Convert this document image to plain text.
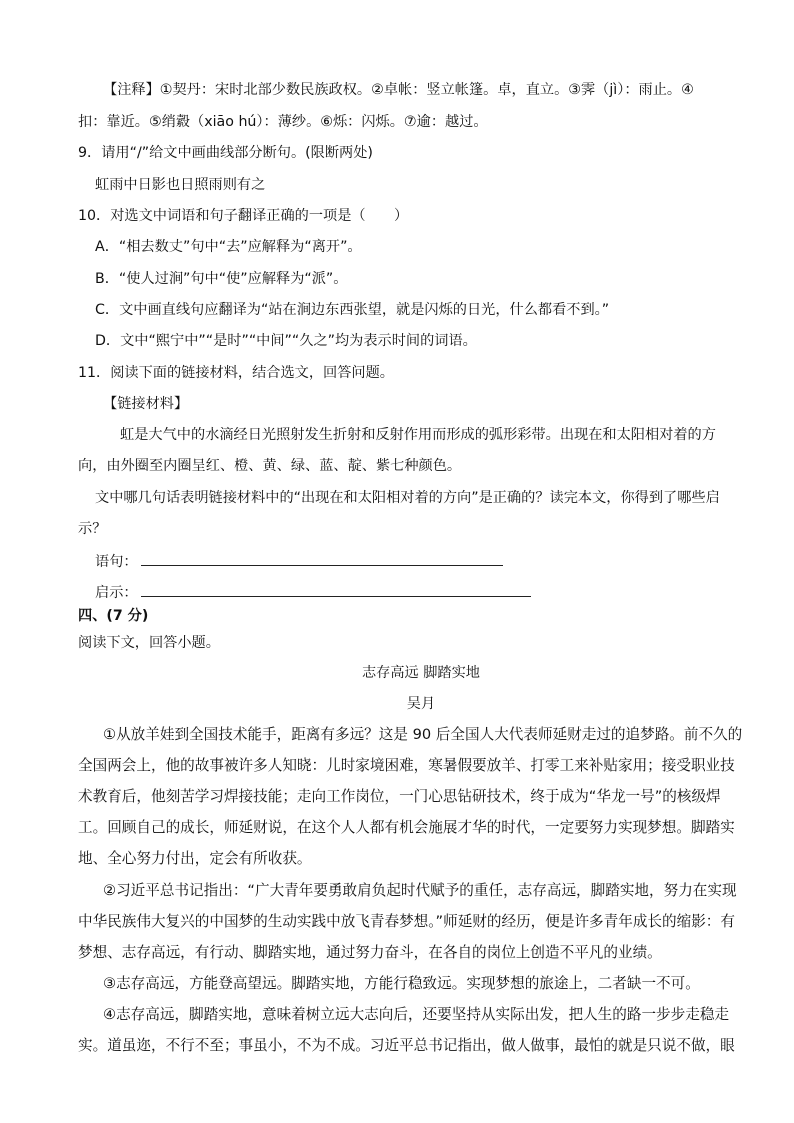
【注释】①契丹：宋时北部少数民族政权。②卓帐：竖立帐篷。卓，直立。③霁（jì）：雨止。④
扣：靠近。⑤绡縠（xiāo hú）：薄纱。⑥烁：闪烁。⑦逾：越过。
9．请用“/”给文中画曲线部分断句。(限断两处)
虹雨中日影也日照雨则有之
10．对选文中词语和句子翻译正确的一项是（　　）
A．“相去数丈”句中“去”应解释为“离开”。
B．“使人过涧”句中“使”应解释为“派”。
C．文中画直线句应翻译为“站在涧边东西张望，就是闪烁的日光，什么都看不到。”
D．文中“熙宁中”“是时”“中间”“久之”均为表示时间的词语。
11．阅读下面的链接材料，结合选文，回答问题。
【链接材料】
虹是大气中的水滴经日光照射发生折射和反射作用而形成的弧形彩带。出现在和太阳相对着的方
向，由外圈至内圈呈红、橙、黄、绿、蓝、靛、紫七种颜色。
文中哪几句话表明链接材料中的“出现在和太阳相对着的方向”是正确的？读完本文，你得到了哪些启
示？
语句：
启示：
四、(7 分)
阅读下文，回答小题。
志存高远 脚踏实地
吴月
①从放羊娃到全国技术能手，距离有多远？这是 90 后全国人大代表师延财走过的追梦路。前不久的
全国两会上，他的故事被许多人知晓：儿时家境困难，寒暑假要放羊、打零工来补贴家用；接受职业技
术教育后，他刻苦学习焊接技能；走向工作岗位，一门心思钻研技术，终于成为“华龙一号”的核级焊
工。回顾自己的成长，师延财说，在这个人人都有机会施展才华的时代，一定要努力实现梦想。脚踏实
地、全心努力付出，定会有所收获。
②习近平总书记指出：“广大青年要勇敢肩负起时代赋予的重任，志存高远，脚踏实地，努力在实现
中华民族伟大复兴的中国梦的生动实践中放飞青春梦想。”师延财的经历，便是许多青年成长的缩影：有
梦想、志存高远，有行动、脚踏实地，通过努力奋斗，在各自的岗位上创造不平凡的业绩。
③志存高远，方能登高望远。脚踏实地，方能行稳致远。实现梦想的旅途上，二者缺一不可。
④志存高远，脚踏实地，意味着树立远大志向后，还要坚持从实际出发，把人生的路一步步走稳走
实。道虽迩，不行不至；事虽小，不为不成。习近平总书记指出，做人做事，最怕的就是只说不做，眼
